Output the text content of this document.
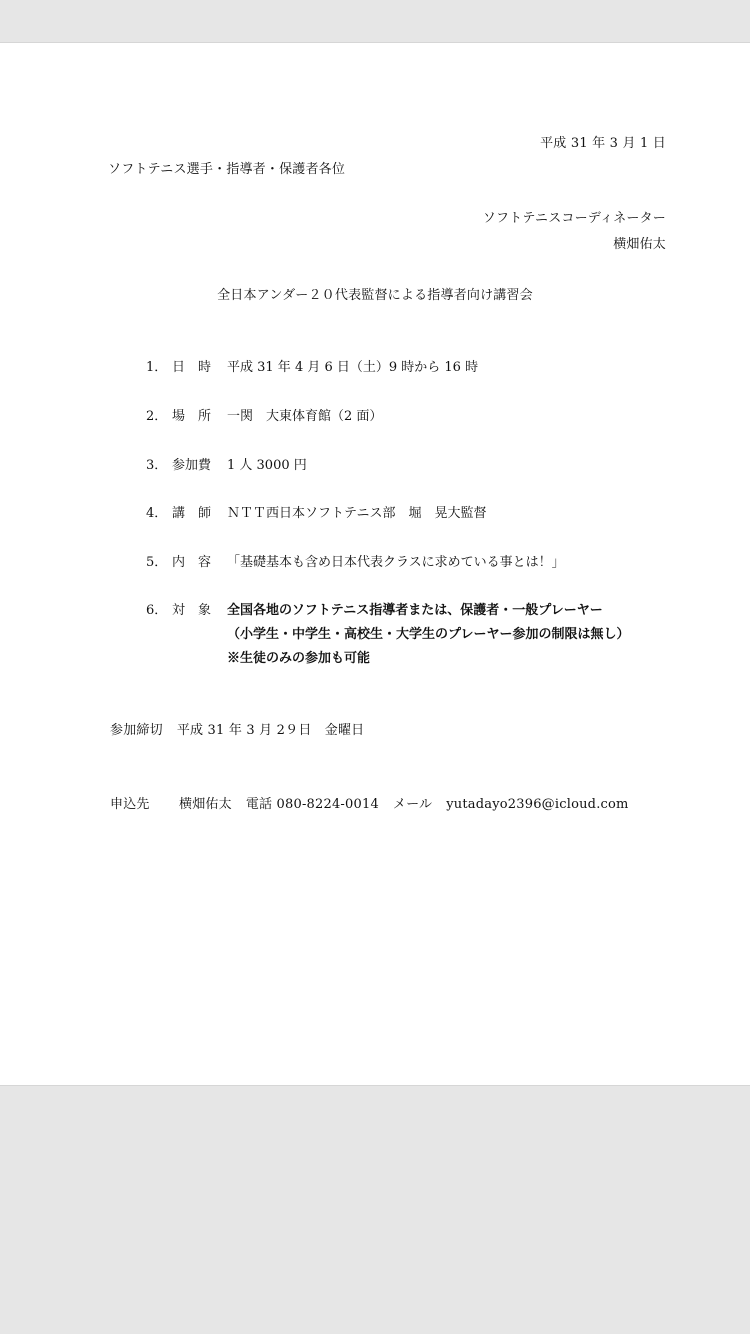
平成 31 年 3 月 1 日
ソフトテニス選手・指導者・保護者各位
ソフトテニスコーディネーター
横畑佑太
全日本アンダー２０代表監督による指導者向け講習会
1． 日　時 平成 31 年 4 月 6 日（土）9 時から 16 時
2． 場　所 一関　大東体育館（2 面）
3． 参加費 1 人 3000 円
4． 講　師 ＮＴＴ西日本ソフトテニス部　堀　晃大監督
5． 内　容 「基礎基本も含め日本代表クラスに求めている事とは！」
6． 対　象 全国各地のソフトテニス指導者または、保護者・一般プレーヤー
（小学生・中学生・高校生・大学生のプレーヤー参加の制限は無し）
※生徒のみの参加も可能
参加締切 平成 31 年 3 月 2９日　金曜日
申込先 横畑佑太 電話 080-8224-0014 メール yutadayo2396@icloud.com
